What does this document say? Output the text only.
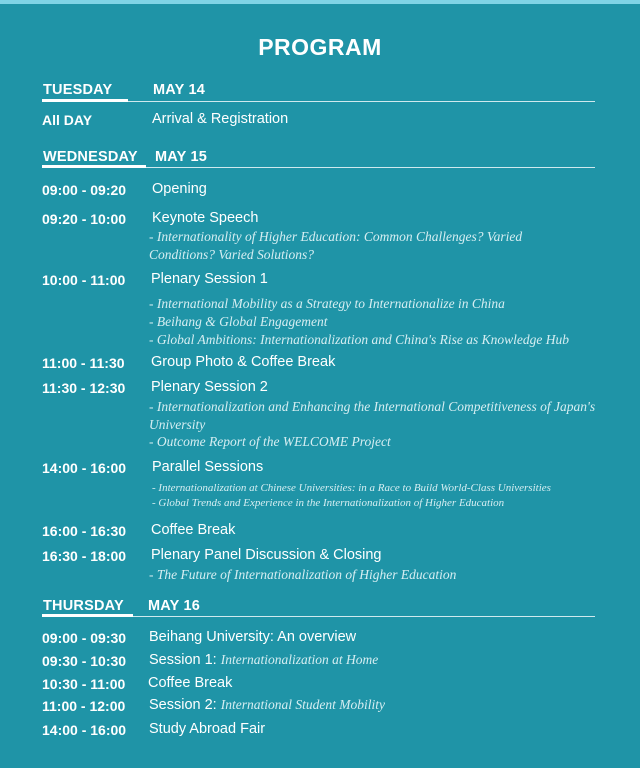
PROGRAM
TUESDAY	MAY 14
All DAY	Arrival & Registration
WEDNESDAY MAY 15
09:00 - 09:20 Opening
09:20 - 10:00 Keynote Speech
- Internationality of Higher Education: Common Challenges? Varied Conditions? Varied Solutions?
10:00 - 11:00 Plenary Session 1
- International Mobility as a Strategy to Internationalize in China
- Beihang & Global Engagement
- Global Ambitions: Internationalization and China's Rise as Knowledge Hub
11:00 - 11:30 Group Photo & Coffee Break
11:30 - 12:30 Plenary Session 2
- Internationalization and Enhancing the International Competitiveness of Japan's University
- Outcome Report of the WELCOME Project
14:00 - 16:00 Parallel Sessions
- Internationalization at Chinese Universities: in a Race to Build World-Class Universities
- Global Trends and Experience in the Internationalization of Higher Education
16:00 - 16:30 Coffee Break
16:30 - 18:00 Plenary Panel Discussion & Closing
- The Future of Internationalization of Higher Education
THURSDAY MAY 16
09:00 - 09:30 Beihang University: An overview
09:30 - 10:30 Session 1: Internationalization at Home
10:30 - 11:00 Coffee Break
11:00 - 12:00 Session 2: International Student Mobility
14:00 - 16:00 Study Abroad Fair
